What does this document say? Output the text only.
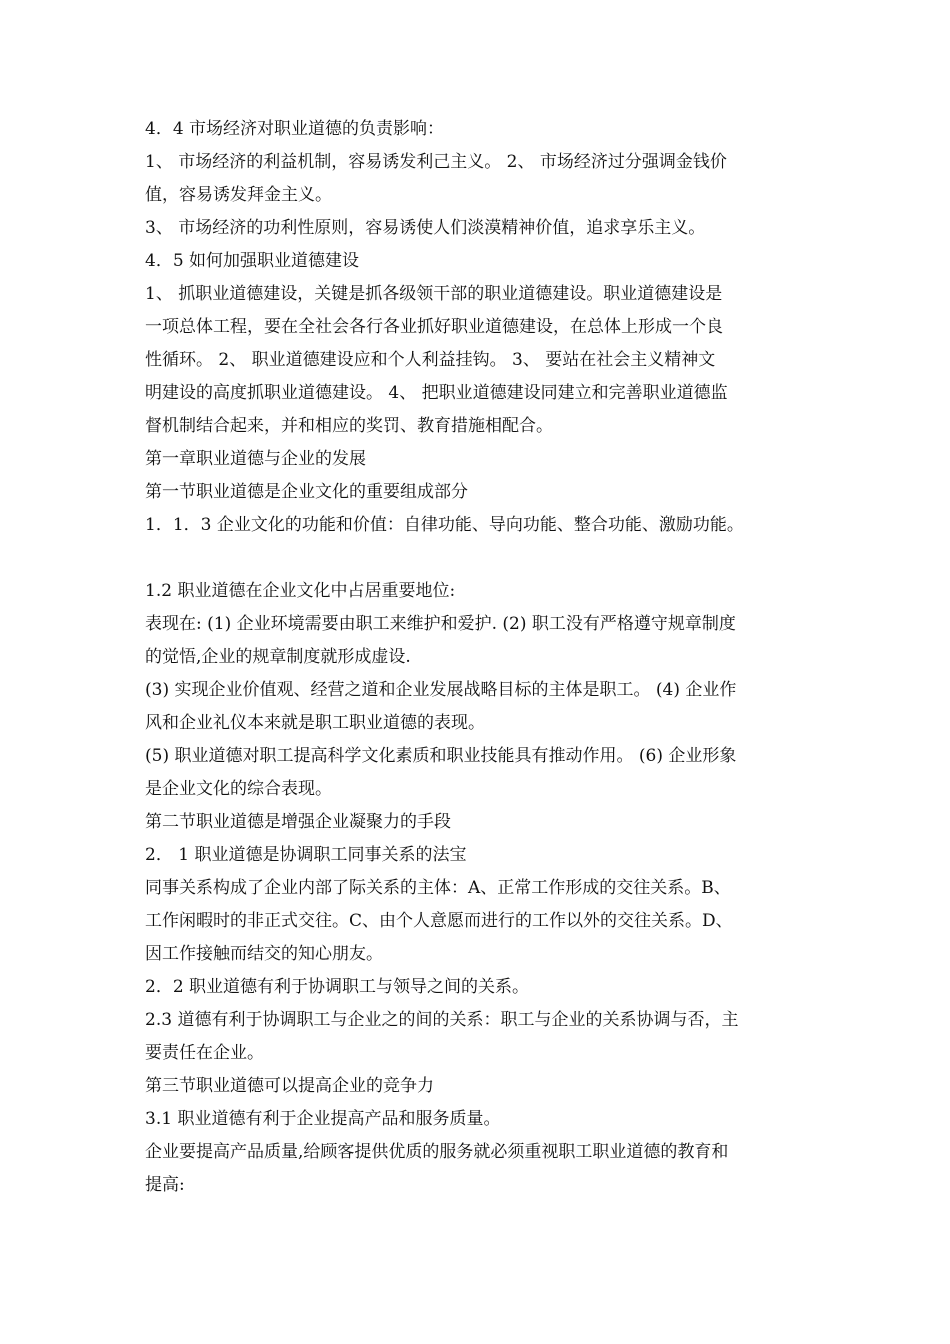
4．4 市场经济对职业道德的负责影响：
1、 市场经济的利益机制，容易诱发利己主义。 2、 市场经济过分强调金钱价
值，容易诱发拜金主义。
3、 市场经济的功利性原则，容易诱使人们淡漠精神价值，追求享乐主义。
4．5 如何加强职业道德建设
1、 抓职业道德建设，关键是抓各级领干部的职业道德建设。职业道德建设是
一项总体工程，要在全社会各行各业抓好职业道德建设，在总体上形成一个良
性循环。 2、 职业道德建设应和个人利益挂钩。 3、 要站在社会主义精神文
明建设的高度抓职业道德建设。 4、 把职业道德建设同建立和完善职业道德监
督机制结合起来，并和相应的奖罚、教育措施相配合。
第一章职业道德与企业的发展
第一节职业道德是企业文化的重要组成部分
1．1．3 企业文化的功能和价值：自律功能、导向功能、整合功能、激励功能。
1.2 职业道德在企业文化中占居重要地位:
表现在: (1) 企业环境需要由职工来维护和爱护. (2) 职工没有严格遵守规章制度
的觉悟,企业的规章制度就形成虚设.
(3) 实现企业价值观、经营之道和企业发展战略目标的主体是职工。 (4) 企业作
风和企业礼仪本来就是职工职业道德的表现。
(5) 职业道德对职工提高科学文化素质和职业技能具有推动作用。 (6) 企业形象
是企业文化的综合表现。
第二节职业道德是增强企业凝聚力的手段
2． 1 职业道德是协调职工同事关系的法宝
同事关系构成了企业内部了际关系的主体：A、正常工作形成的交往关系。B、
工作闲暇时的非正式交往。C、由个人意愿而进行的工作以外的交往关系。D、
因工作接触而结交的知心朋友。
2．2 职业道德有利于协调职工与领导之间的关系。
2.3 道德有利于协调职工与企业之的间的关系：职工与企业的关系协调与否，主
要责任在企业。
第三节职业道德可以提高企业的竞争力
3.1 职业道德有利于企业提高产品和服务质量。
企业要提高产品质量,给顾客提供优质的服务就必须重视职工职业道德的教育和
提高:
